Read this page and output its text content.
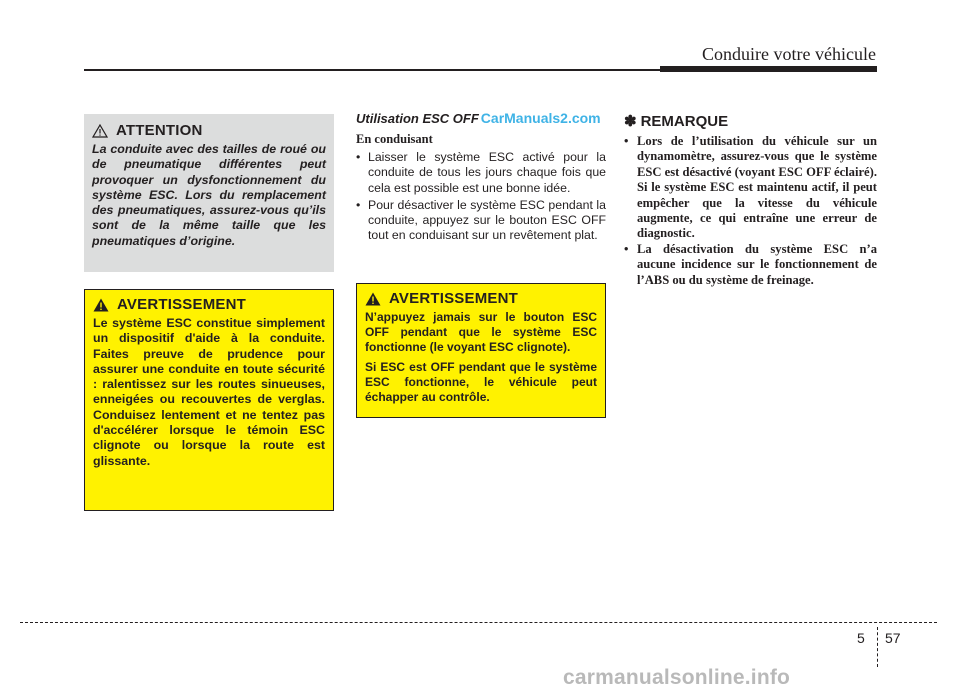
Conduire votre véhicule
ATTENTION

La conduite avec des tailles de roué ou de pneumatique différentes peut provoquer un dysfonctionnement du système ESC. Lors du remplacement des pneumatiques, assurez-vous qu’ils sont de la même taille que les pneumatiques d’origine.

AVERTISSEMENT

Le système ESC constitue simplement un dispositif d'aide à la conduite. Faites preuve de prudence pour assurer une conduite en toute sécurité : ralentissez sur les routes sinueuses, enneigées ou recouvertes de verglas. Conduisez lentement et ne tentez pas d'accélérer lorsque le témoin ESC clignote ou lorsque la route est glissante.

Utilisation ESC OFF CarManuals2.com
En conduisant
• Laisser le système ESC activé pour la conduite de tous les jours chaque fois que cela est possible est une bonne idée.
• Pour désactiver le système ESC pendant la conduite, appuyez sur le bouton ESC OFF tout en conduisant sur un revêtement plat.
AVERTISSEMENT

N’appuyez jamais sur le bouton ESC OFF pendant que le système ESC fonctionne (le voyant ESC clignote).

Si ESC est OFF pendant que le système ESC fonctionne, le véhicule peut échapper au contrôle.

✽ REMARQUE
• Lors de l’utilisation du véhicule sur un dynamomètre, assurez-vous que le système ESC est désactivé (voyant ESC OFF éclairé). Si le système ESC est maintenu actif, il peut empêcher que la vitesse du véhicule augmente, ce qui entraîne une erreur de diagnostic.
• La désactivation du système ESC n’a aucune incidence sur le fonctionnement de l’ABS ou du système de freinage.
5 57
carmanualsonline.info
